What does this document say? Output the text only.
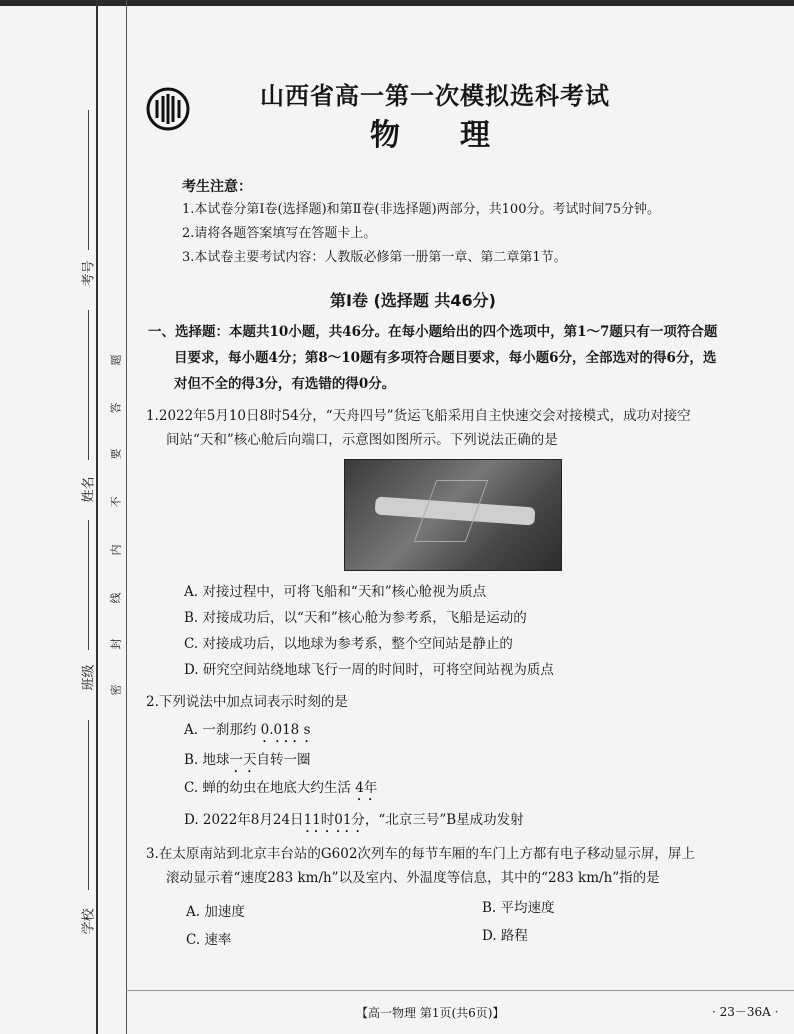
考号
姓名
班级
学校
题
答
要
不
内
线
封
密
山西省高一第一次模拟选科考试
物理
考生注意：
1.本试卷分第Ⅰ卷(选择题)和第Ⅱ卷(非选择题)两部分，共100分。考试时间75分钟。
2.请将各题答案填写在答题卡上。
3.本试卷主要考试内容：人教版必修第一册第一章、第二章第1节。
第Ⅰ卷 (选择题 共46分)
一、选择题：本题共10小题，共46分。在每小题给出的四个选项中，第1～7题只有一项符合题
目要求，每小题4分；第8～10题有多项符合题目要求，每小题6分，全部选对的得6分，选
对但不全的得3分，有选错的得0分。
1.2022年5月10日8时54分，“天舟四号”货运飞船采用自主快速交会对接模式，成功对接空
间站“天和”核心舱后向端口，示意图如图所示。下列说法正确的是
A. 对接过程中，可将飞船和“天和”核心舱视为质点
B. 对接成功后，以“天和”核心舱为参考系，飞船是运动的
C. 对接成功后，以地球为参考系，整个空间站是静止的
D. 研究空间站绕地球飞行一周的时间时，可将空间站视为质点
2.下列说法中加点词表示时刻的是
A. 一刹那约 0.018 s
B. 地球一天自转一圈
C. 蝉的幼虫在地底大约生活 4年
D. 2022年8月24日11时01分，“北京三号”B星成功发射
3.在太原南站到北京丰台站的G602次列车的每节车厢的车门上方都有电子移动显示屏，屏上
滚动显示着“速度283 km/h”以及室内、外温度等信息，其中的“283 km/h”指的是
A. 加速度	B. 平均速度
C. 速率	D. 路程
【高一物理 第1页(共6页)】	· 23－36A ·
